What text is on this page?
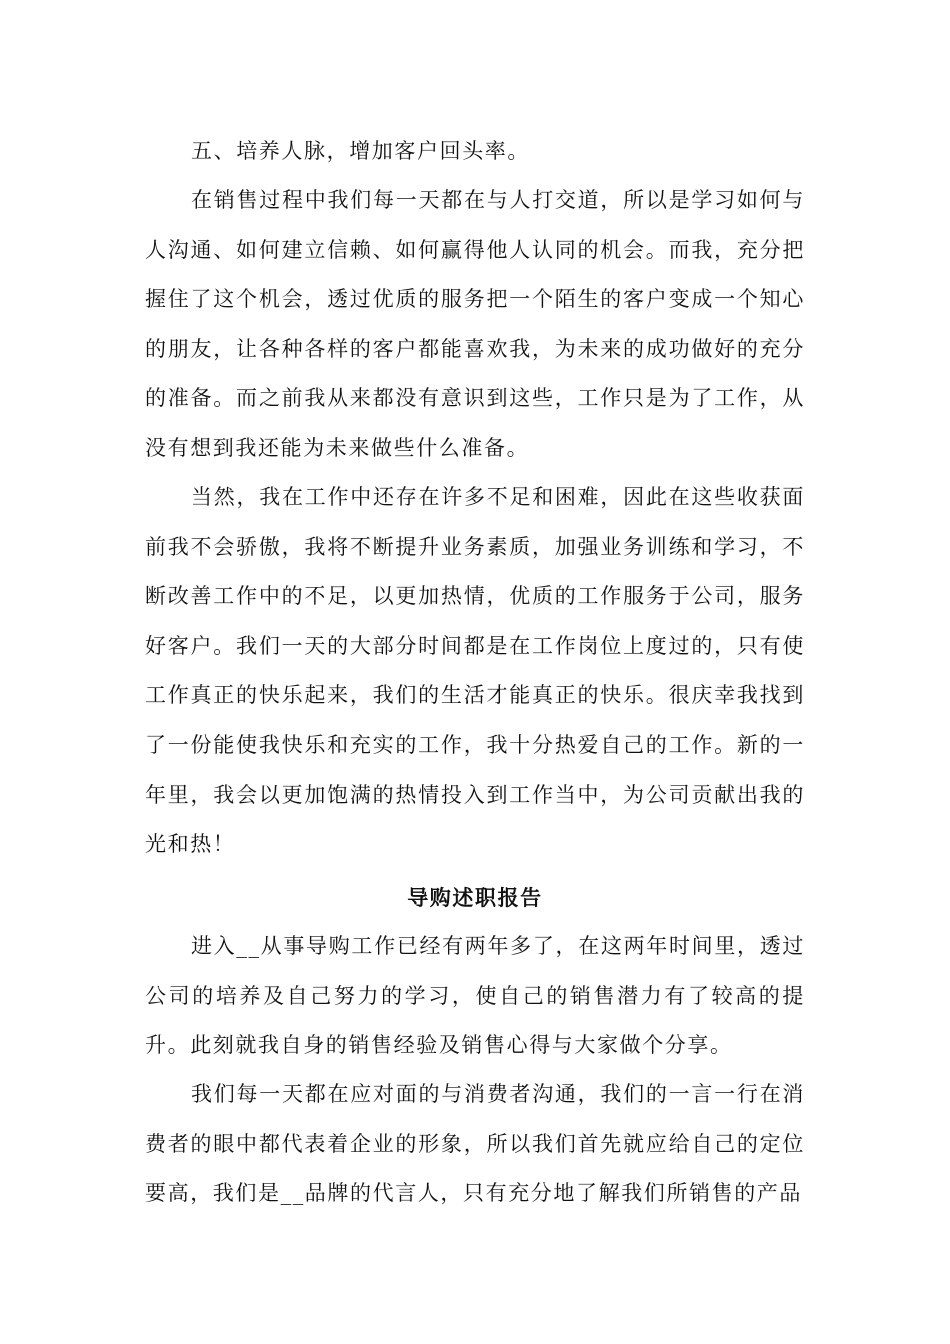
五、培养人脉，增加客户回头率。

在销售过程中我们每一天都在与人打交道，所以是学习如何与人沟通、如何建立信赖、如何赢得他人认同的机会。而我，充分把握住了这个机会，透过优质的服务把一个陌生的客户变成一个知心的朋友，让各种各样的客户都能喜欢我，为未来的成功做好的充分的准备。而之前我从来都没有意识到这些，工作只是为了工作，从没有想到我还能为未来做些什么准备。

当然，我在工作中还存在许多不足和困难，因此在这些收获面前我不会骄傲，我将不断提升业务素质，加强业务训练和学习，不断改善工作中的不足，以更加热情，优质的工作服务于公司，服务好客户。我们一天的大部分时间都是在工作岗位上度过的，只有使工作真正的快乐起来，我们的生活才能真正的快乐。很庆幸我找到了一份能使我快乐和充实的工作，我十分热爱自己的工作。新的一年里，我会以更加饱满的热情投入到工作当中，为公司贡献出我的光和热！

导购述职报告

进入__从事导购工作已经有两年多了，在这两年时间里，透过公司的培养及自己努力的学习，使自己的销售潜力有了较高的提升。此刻就我自身的销售经验及销售心得与大家做个分享。

我们每一天都在应对面的与消费者沟通，我们的一言一行在消费者的眼中都代表着企业的形象，所以我们首先就应给自己的定位要高，我们是__品牌的代言人，只有充分地了解我们所销售的产品
